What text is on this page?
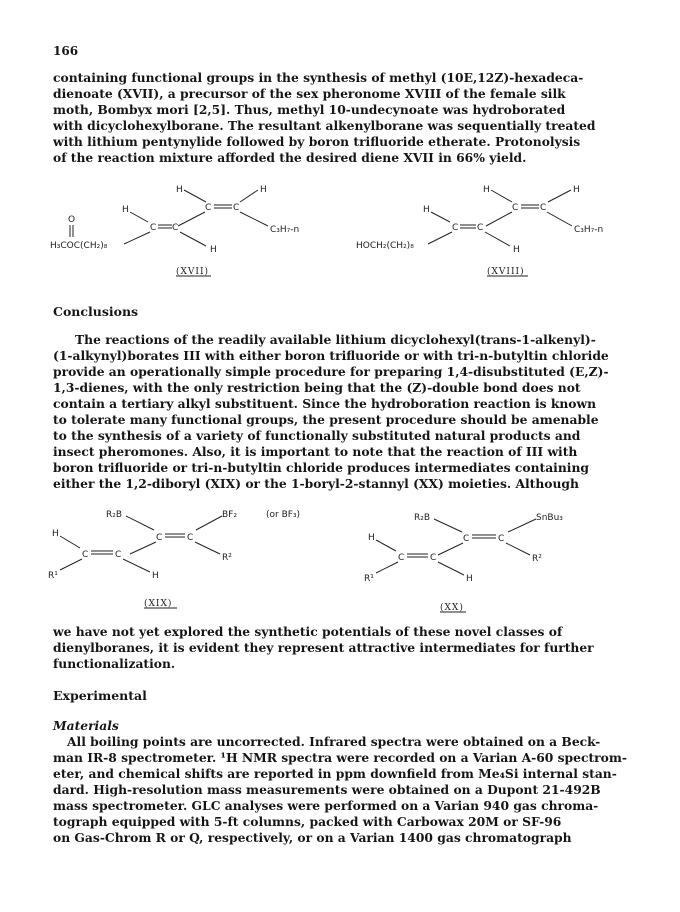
166
containing functional groups in the synthesis of methyl (10E,12Z)-hexadeca-
dienoate (XVII), a precursor of the sex pheronome XVIII of the female silk
moth, Bombyx mori [2,5]. Thus, methyl 10-undecynoate was hydroborated
with dicyclohexylborane. The resultant alkenylborane was sequentially treated
with lithium pentynylide followed by boron trifluoride etherate. Protonolysis
of the reaction mixture afforded the desired diene XVII in 66% yield.
H	H
C C
C₃H₇-n
H
C C
H
O
H₃COC(CH₂)₈
(XVII)
H	H
C C
C₃H₇-n
H
C C
H
HOCH₂(CH₂)₈
(XVIII)
Conclusions
The reactions of the readily available lithium dicyclohexyl(trans-1-alkenyl)-
(1-alkynyl)borates III with either boron trifluoride or with tri-n-butyltin chloride
provide an operationally simple procedure for preparing 1,4-disubstituted (E,Z)-
1,3-dienes, with the only restriction being that the (Z)-double bond does not
contain a tertiary alkyl substituent. Since the hydroboration reaction is known
to tolerate many functional groups, the present procedure should be amenable
to the synthesis of a variety of functionally substituted natural products and
insect pheromones. Also, it is important to note that the reaction of III with
boron trifluoride or tri-n-butyltin chloride produces intermediates containing
either the 1,2-diboryl (XIX) or the 1-boryl-2-stannyl (XX) moieties. Although
R₂B	BF₂	(or BF₃)
C	C
R²
H
C	C
H
R¹
(XIX)
R₂B	SnBu₃
C	C
R²
H
C	C
H
R¹
(XX)
we have not yet explored the synthetic potentials of these novel classes of
dienylboranes, it is evident they represent attractive intermediates for further
functionalization.
Experimental
Materials
All boiling points are uncorrected. Infrared spectra were obtained on a Beck-
man IR-8 spectrometer. ¹H NMR spectra were recorded on a Varian A-60 spectrom-
eter, and chemical shifts are reported in ppm downfield from Me₄Si internal stan-
dard. High-resolution mass measurements were obtained on a Dupont 21-492B
mass spectrometer. GLC analyses were performed on a Varian 940 gas chroma-
tograph equipped with 5-ft columns, packed with Carbowax 20M or SF-96
on Gas-Chrom R or Q, respectively, or on a Varian 1400 gas chromatograph
